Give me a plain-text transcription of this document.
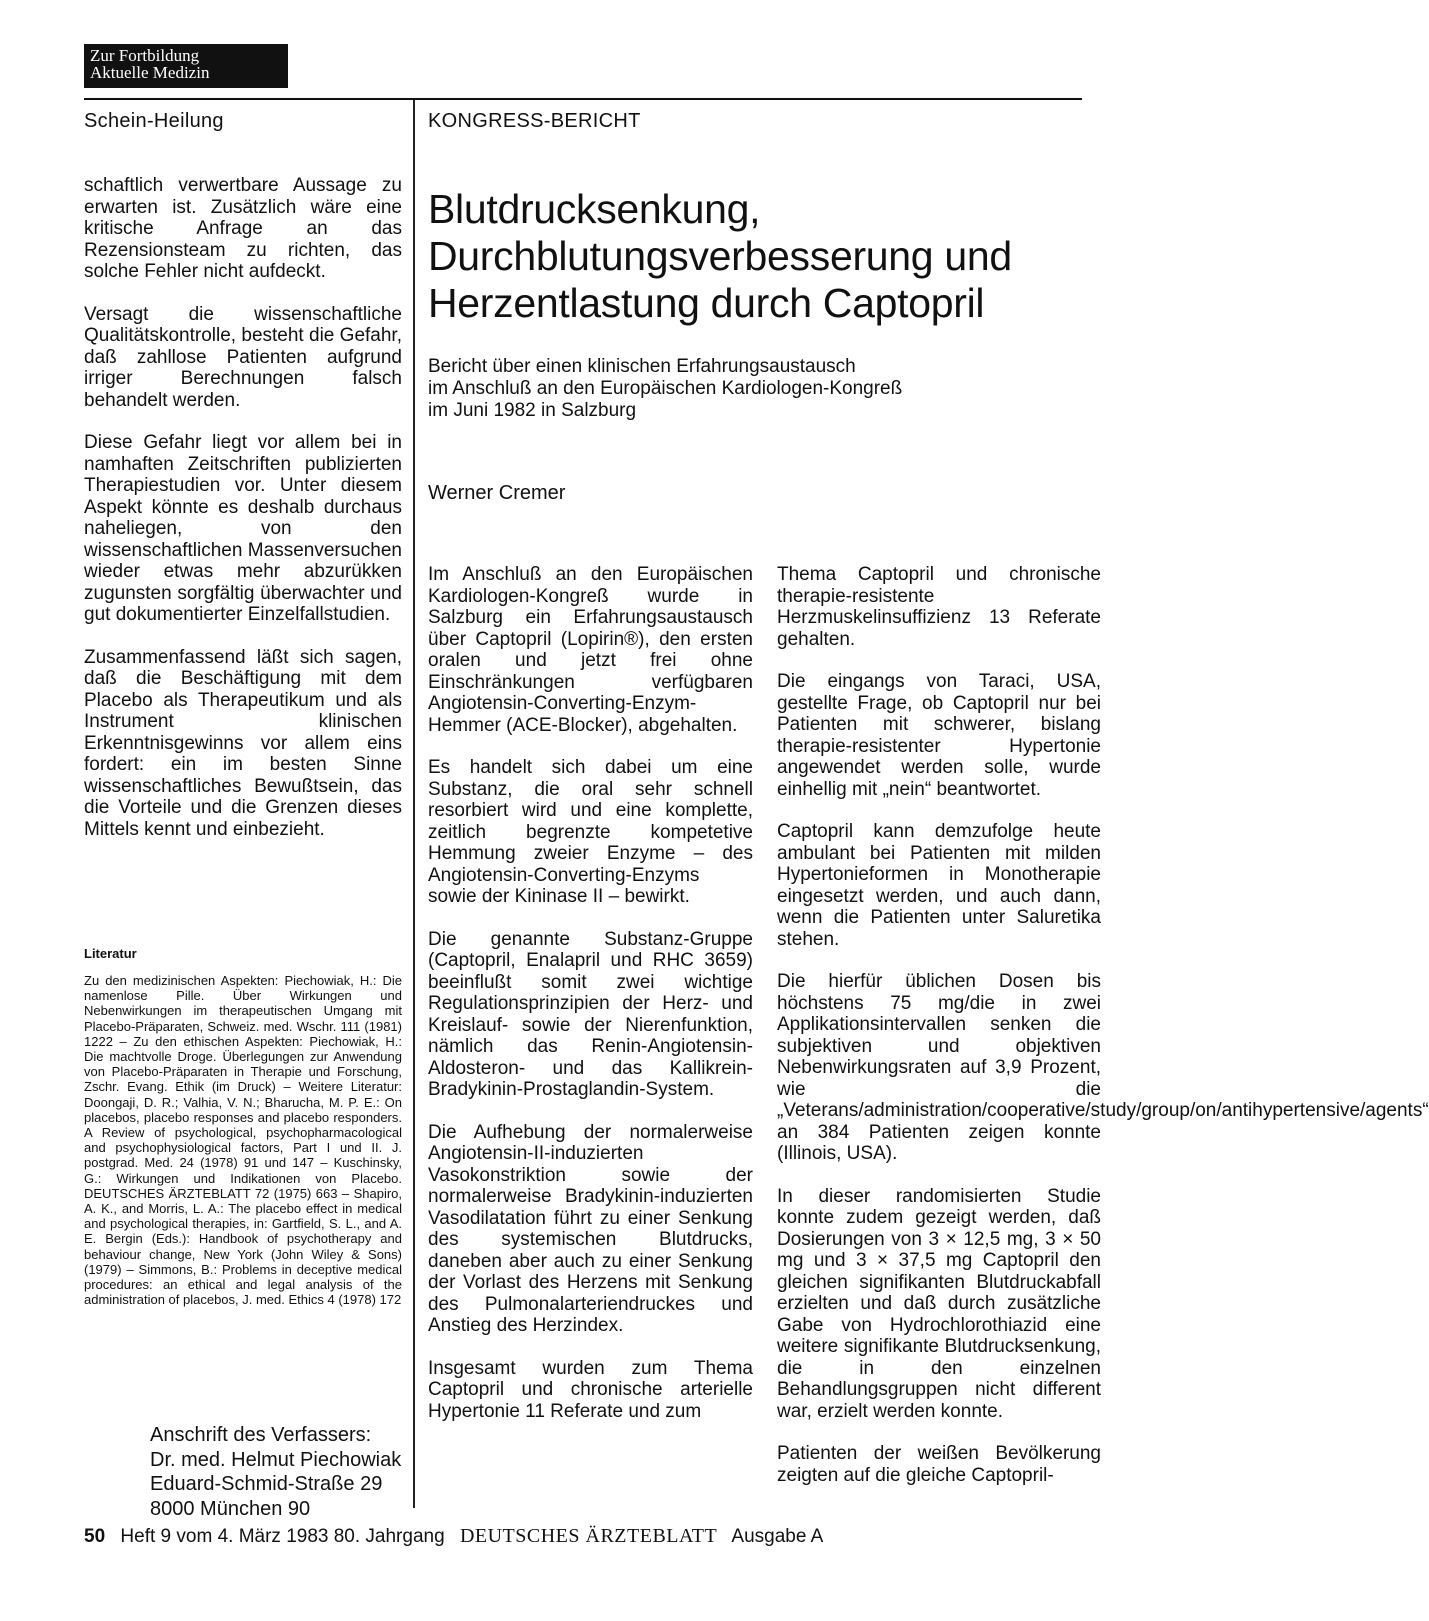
Zur Fortbildung
Aktuelle Medizin
Schein-Heilung	KONGRESS-BERICHT

schaftlich verwertbare Aussage zu erwarten ist. Zusätzlich wäre eine kritische Anfrage an das Rezensionsteam zu richten, das solche Fehler nicht aufdeckt.

Versagt die wissenschaftliche Qualitätskontrolle, besteht die Gefahr, daß zahllose Patienten aufgrund irriger Berechnungen falsch behandelt werden.

Diese Gefahr liegt vor allem bei in namhaften Zeitschriften publizierten Therapiestudien vor. Unter diesem Aspekt könnte es deshalb durchaus naheliegen, von den wissenschaftlichen Massenversuchen wieder etwas mehr abzurükken zugunsten sorgfältig überwachter und gut dokumentierter Einzelfallstudien.

Zusammenfassend läßt sich sagen, daß die Beschäftigung mit dem Placebo als Therapeutikum und als Instrument klinischen Erkenntnisgewinns vor allem eins fordert: ein im besten Sinne wissenschaftliches Bewußtsein, das die Vorteile und die Grenzen dieses Mittels kennt und einbezieht.

Literatur
Zu den medizinischen Aspekten: Piechowiak, H.: Die namenlose Pille. Über Wirkungen und Nebenwirkungen im therapeutischen Umgang mit Placebo-Präparaten, Schweiz. med. Wschr. 111 (1981) 1222 – Zu den ethischen Aspekten: Piechowiak, H.: Die machtvolle Droge. Überlegungen zur Anwendung von Placebo-Präparaten in Therapie und Forschung, Zschr. Evang. Ethik (im Druck) – Weitere Literatur: Doongaji, D. R.; Valhia, V. N.; Bharucha, M. P. E.: On placebos, placebo responses and placebo responders. A Review of psychological, psychopharmacological and psychophysiological factors, Part I und II. J. postgrad. Med. 24 (1978) 91 und 147 – Kuschinsky, G.: Wirkungen und Indikationen von Placebo. DEUTSCHES ÄRZTEBLATT 72 (1975) 663 – Shapiro, A. K., and Morris, L. A.: The placebo effect in medical and psychological therapies, in: Gartfield, S. L., and A. E. Bergin (Eds.): Handbook of psychotherapy and behaviour change, New York (John Wiley & Sons) (1979) – Simmons, B.: Problems in deceptive medical procedures: an ethical and legal analysis of the administration of placebos, J. med. Ethics 4 (1978) 172
Anschrift des Verfassers:
Dr. med. Helmut Piechowiak
Eduard-Schmid-Straße 29
8000 München 90
Blutdrucksenkung, Durchblutungsverbesserung und Herzentlastung durch Captopril
Bericht über einen klinischen Erfahrungsaustausch
im Anschluß an den Europäischen Kardiologen-Kongreß
im Juni 1982 in Salzburg
Werner Cremer

Im Anschluß an den Europäischen Kardiologen-Kongreß wurde in Salzburg ein Erfahrungsaustausch über Captopril (Lopirin®), den ersten oralen und jetzt frei ohne Einschränkungen verfügbaren Angiotensin-Converting-Enzym-Hemmer (ACE-Blocker), abgehalten.

Es handelt sich dabei um eine Substanz, die oral sehr schnell resorbiert wird und eine komplette, zeitlich begrenzte kompetetive Hemmung zweier Enzyme – des Angiotensin-Converting-Enzyms sowie der Kininase II – bewirkt.

Die genannte Substanz-Gruppe (Captopril, Enalapril und RHC 3659) beeinflußt somit zwei wichtige Regulationsprinzipien der Herz- und Kreislauf- sowie der Nierenfunktion, nämlich das Renin-Angiotensin-Aldosteron- und das Kallikrein-Bradykinin-Prostaglandin-System.

Die Aufhebung der normalerweise Angiotensin-II-induzierten Vasokonstriktion sowie der normalerweise Bradykinin-induzierten Vasodilatation führt zu einer Senkung des systemischen Blutdrucks, daneben aber auch zu einer Senkung der Vorlast des Herzens mit Senkung des Pulmonalarteriendruckes und Anstieg des Herzindex.

Insgesamt wurden zum Thema Captopril und chronische arterielle Hypertonie 11 Referate und zum

Thema Captopril und chronische therapie-resistente Herzmuskelinsuffizienz 13 Referate gehalten.

Die eingangs von Taraci, USA, gestellte Frage, ob Captopril nur bei Patienten mit schwerer, bislang therapie-resistenter Hypertonie angewendet werden solle, wurde einhellig mit „nein“ beantwortet.

Captopril kann demzufolge heute ambulant bei Patienten mit milden Hypertonieformen in Monotherapie eingesetzt werden, und auch dann, wenn die Patienten unter Saluretika stehen.

Die hierfür üblichen Dosen bis höchstens 75 mg/die in zwei Applikationsintervallen senken die subjektiven und objektiven Nebenwirkungsraten auf 3,9 Prozent, wie die „Veterans/administration/cooperative/study/group/on/antihypertensive/agents“ an 384 Patienten zeigen konnte (Illinois, USA).

In dieser randomisierten Studie konnte zudem gezeigt werden, daß Dosierungen von 3 × 12,5 mg, 3 × 50 mg und 3 × 37,5 mg Captopril den gleichen signifikanten Blutdruckabfall erzielten und daß durch zusätzliche Gabe von Hydrochlorothiazid eine weitere signifikante Blutdrucksenkung, die in den einzelnen Behandlungsgruppen nicht different war, erzielt werden konnte.

Patienten der weißen Bevölkerung zeigten auf die gleiche Captopril-

50 Heft 9 vom 4. März 1983 80. Jahrgang DEUTSCHES ÄRZTEBLATT Ausgabe A
